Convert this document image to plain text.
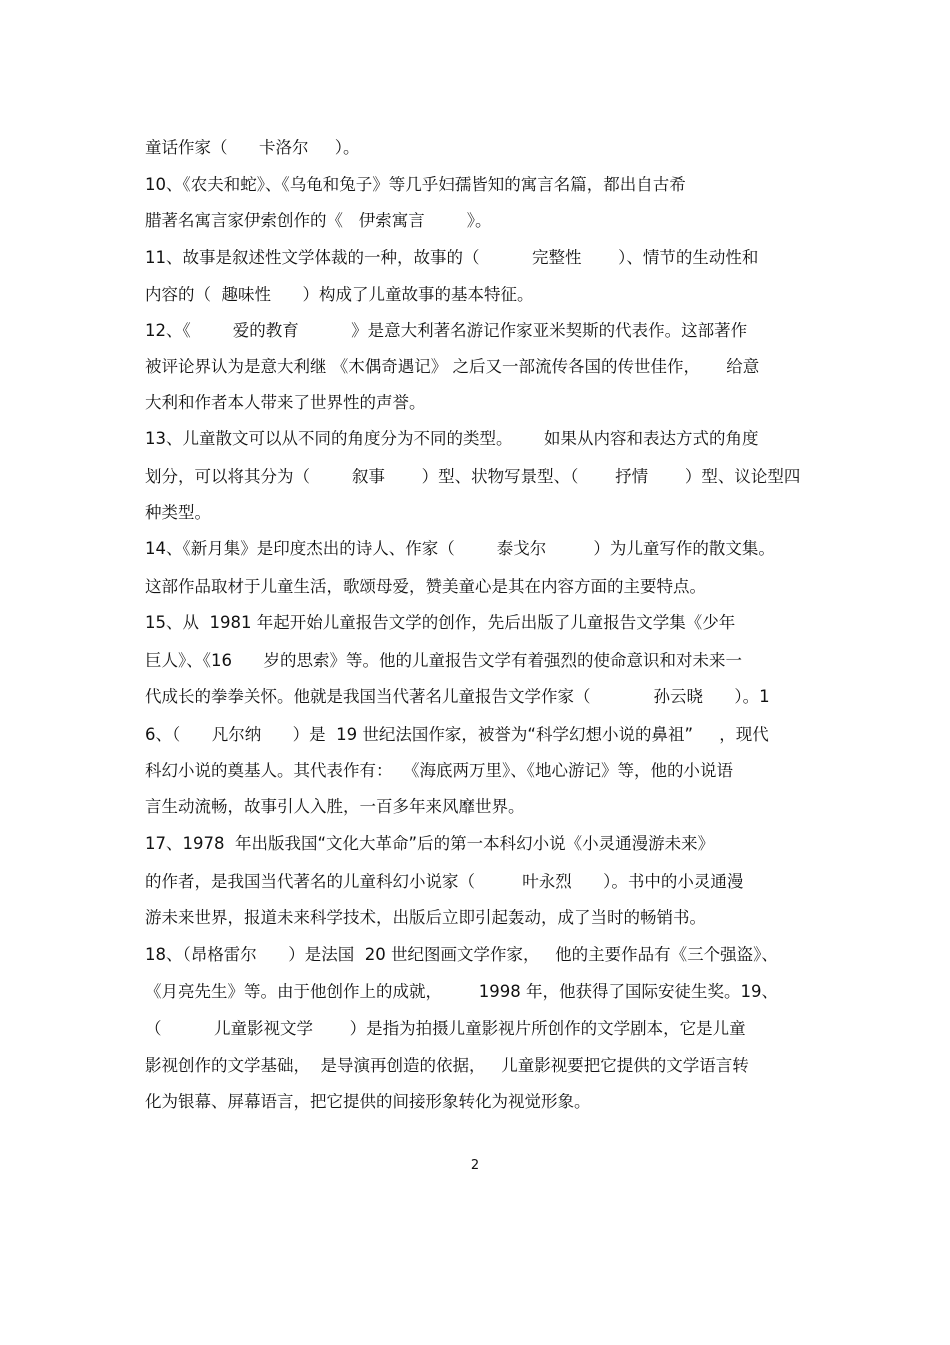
童话作家（      卡洛尔     ）。
10、《农夫和蛇》、《乌龟和兔子》等几乎妇孺皆知的寓言名篇，都出自古希
腊著名寓言家伊索创作的《   伊索寓言        》。
11、故事是叙述性文学体裁的一种，故事的（          完整性       ）、情节的生动性和
内容的（  趣味性      ）构成了儿童故事的基本特征。
12、《        爱的教育          》是意大利著名游记作家亚米契斯的代表作。这部著作
被评论界认为是意大利继 《木偶奇遇记》 之后又一部流传各国的传世佳作，     给意
大利和作者本人带来了世界性的声誉。
13、儿童散文可以从不同的角度分为不同的类型。      如果从内容和表达方式的角度
划分，可以将其分为（        叙事       ）型、状物写景型、（       抒情       ）型、议论型四
种类型。
14、《新月集》是印度杰出的诗人、作家（        泰戈尔         ）为儿童写作的散文集。
这部作品取材于儿童生活，歌颂母爱，赞美童心是其在内容方面的主要特点。
15、从  1981 年起开始儿童报告文学的创作，先后出版了儿童报告文学集《少年
巨人》、《16      岁的思索》等。他的儿童报告文学有着强烈的使命意识和对未来一
代成长的拳拳关怀。他就是我国当代著名儿童报告文学作家（            孙云晓      ）。1
6、（      凡尔纳      ）是  19 世纪法国作家，被誉为“科学幻想小说的鼻祖”     ，现代
科幻小说的奠基人。其代表作有：  《海底两万里》、《地心游记》等，他的小说语
言生动流畅，故事引人入胜，一百多年来风靡世界。
17、1978  年出版我国“文化大革命”后的第一本科幻小说《小灵通漫游未来》
的作者，是我国当代著名的儿童科幻小说家（         叶永烈      ）。书中的小灵通漫
游未来世界，报道未来科学技术，出版后立即引起轰动，成了当时的畅销书。
18、（昂格雷尔      ）是法国  20 世纪图画文学作家，   他的主要作品有《三个强盗》、
《月亮先生》等。由于他创作上的成就，       1998 年，他获得了国际安徒生奖。19、
（          儿童影视文学       ）是指为拍摄儿童影视片所创作的文学剧本，它是儿童
影视创作的文学基础，  是导演再创造的依据，   儿童影视要把它提供的文学语言转
化为银幕、屏幕语言，把它提供的间接形象转化为视觉形象。
2
